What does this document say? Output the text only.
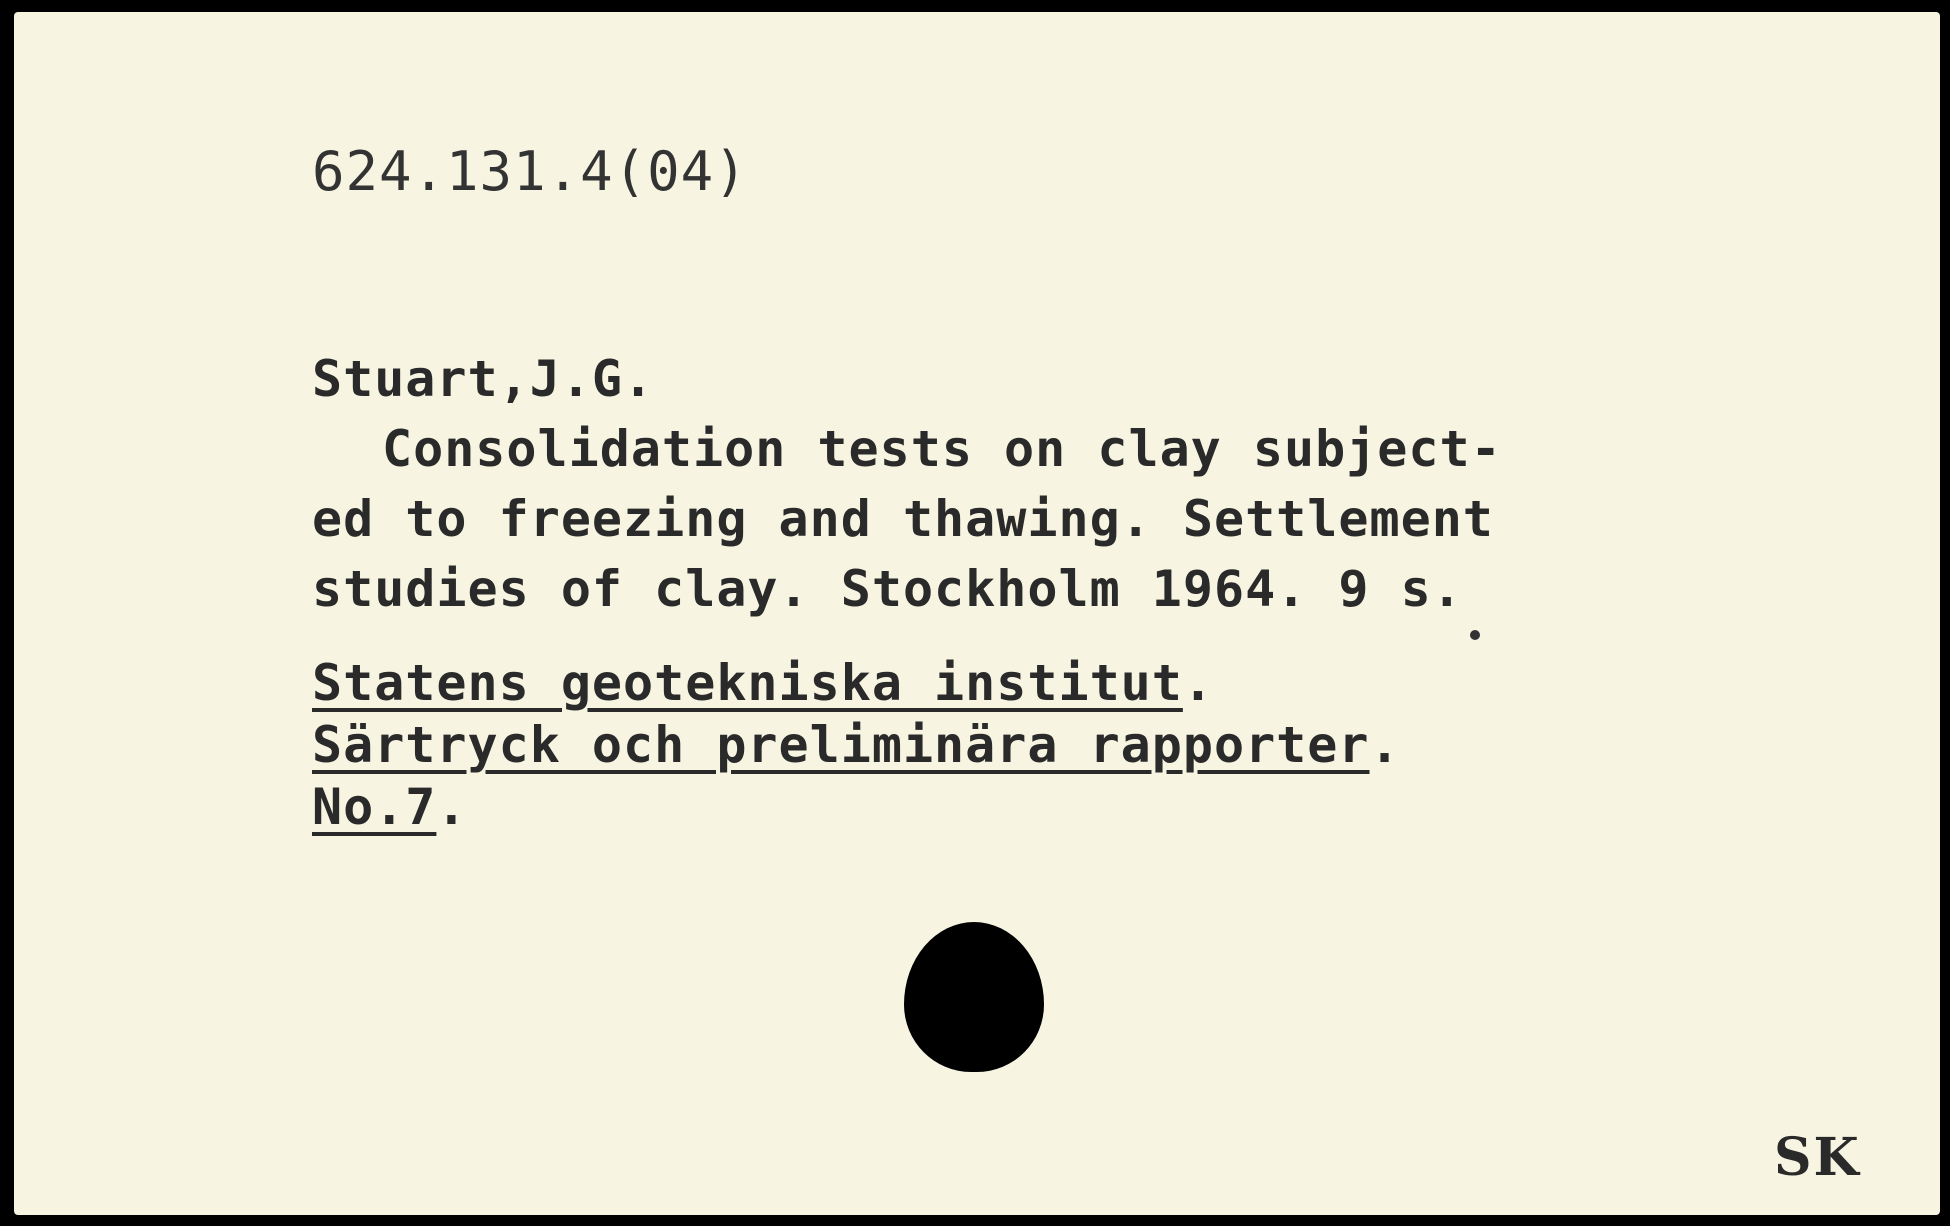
624.131.4(04)
Stuart,J.G.
Consolidation tests on clay subject-
ed to freezing and thawing. Settlement
studies of clay. Stockholm 1964. 9 s.
Statens geotekniska institut.
Särtryck och preliminära rapporter.
No.7.
SK
